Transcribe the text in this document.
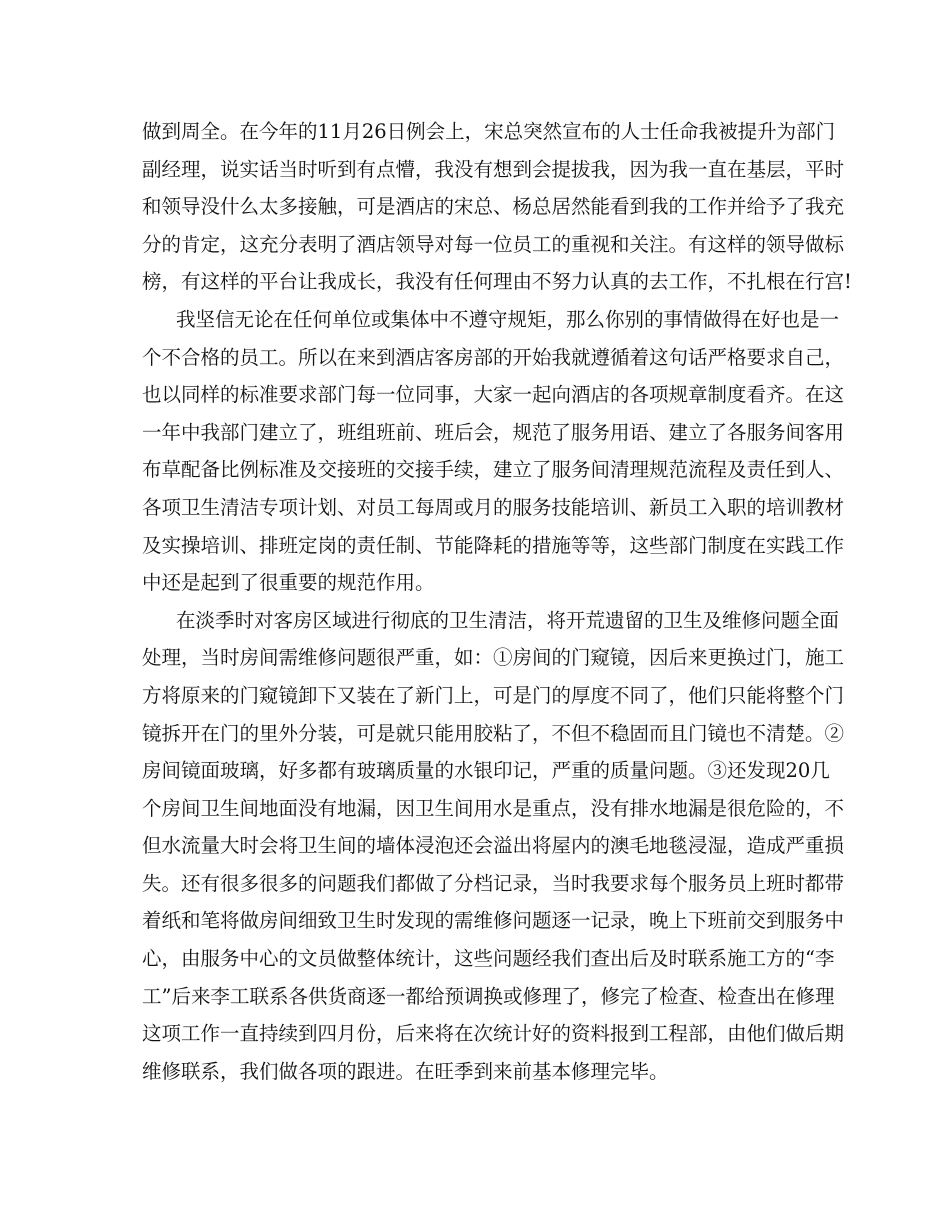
做到周全。在今年的11月26日例会上，宋总突然宣布的人士任命我被提升为部门
副经理，说实话当时听到有点懵，我没有想到会提拔我，因为我一直在基层，平时
和领导没什么太多接触，可是酒店的宋总、杨总居然能看到我的工作并给予了我充
分的肯定，这充分表明了酒店领导对每一位员工的重视和关注。有这样的领导做标
榜，有这样的平台让我成长，我没有任何理由不努力认真的去工作，不扎根在行宫!
我坚信无论在任何单位或集体中不遵守规矩，那么你别的事情做得在好也是一
个不合格的员工。所以在来到酒店客房部的开始我就遵循着这句话严格要求自己，
也以同样的标准要求部门每一位同事，大家一起向酒店的各项规章制度看齐。在这
一年中我部门建立了，班组班前、班后会，规范了服务用语、建立了各服务间客用
布草配备比例标准及交接班的交接手续，建立了服务间清理规范流程及责任到人、
各项卫生清洁专项计划、对员工每周或月的服务技能培训、新员工入职的培训教材
及实操培训、排班定岗的责任制、节能降耗的措施等等，这些部门制度在实践工作
中还是起到了很重要的规范作用。
在淡季时对客房区域进行彻底的卫生清洁，将开荒遗留的卫生及维修问题全面
处理，当时房间需维修问题很严重，如：①房间的门窥镜，因后来更换过门，施工
方将原来的门窥镜卸下又装在了新门上，可是门的厚度不同了，他们只能将整个门
镜拆开在门的里外分装，可是就只能用胶粘了，不但不稳固而且门镜也不清楚。②
房间镜面玻璃，好多都有玻璃质量的水银印记，严重的质量问题。③还发现20几
个房间卫生间地面没有地漏，因卫生间用水是重点，没有排水地漏是很危险的，不
但水流量大时会将卫生间的墙体浸泡还会溢出将屋内的澳毛地毯浸湿，造成严重损
失。还有很多很多的问题我们都做了分档记录，当时我要求每个服务员上班时都带
着纸和笔将做房间细致卫生时发现的需维修问题逐一记录，晚上下班前交到服务中
心，由服务中心的文员做整体统计，这些问题经我们查出后及时联系施工方的“李
工”后来李工联系各供货商逐一都给预调换或修理了，修完了检查、检查出在修理
这项工作一直持续到四月份，后来将在次统计好的资料报到工程部，由他们做后期
维修联系，我们做各项的跟进。在旺季到来前基本修理完毕。
